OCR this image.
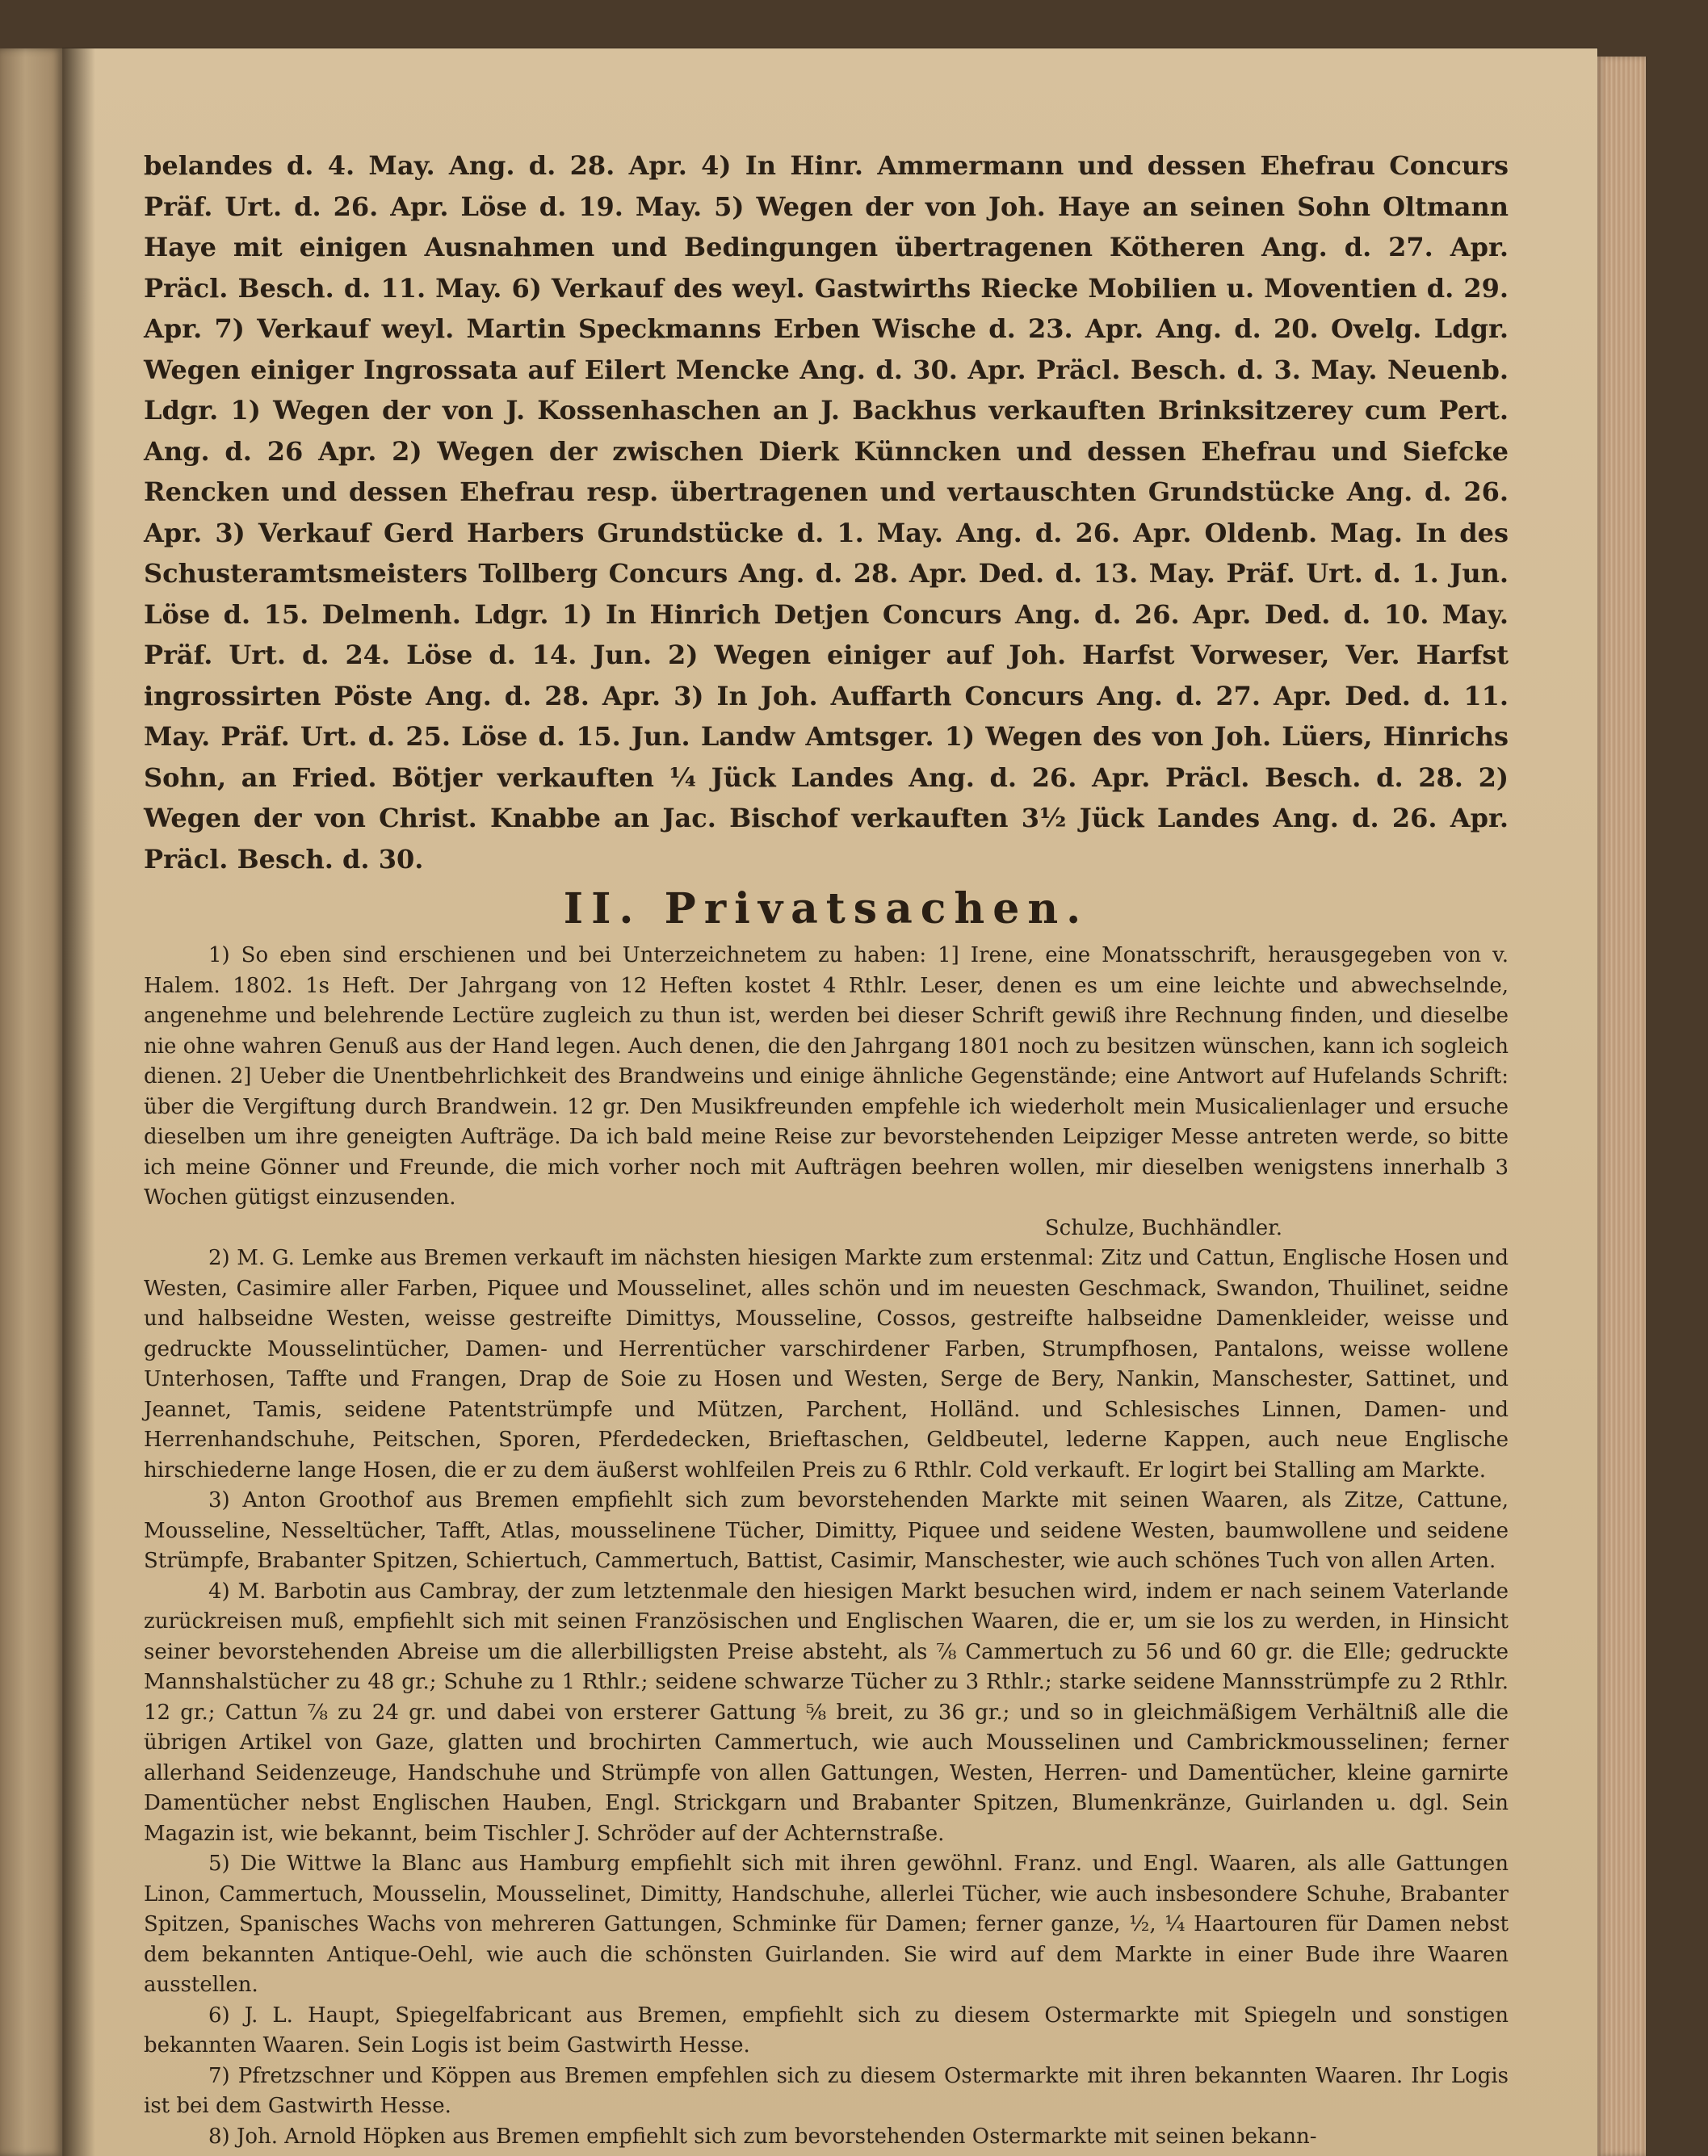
belandes d. 4. May. Ang. d. 28. Apr. 4) In Hinr. Ammermann und dessen Ehefrau Concurs Präf. Urt. d. 26. Apr. Löse d. 19. May. 5) Wegen der von Joh. Haye an seinen Sohn Oltmann Haye mit einigen Ausnahmen und Bedingungen übertragenen Kötheren Ang. d. 27. Apr. Präcl. Besch. d. 11. May. 6) Verkauf des weyl. Gastwirths Riecke Mobilien u. Moventien d. 29. Apr. 7) Verkauf weyl. Martin Speckmanns Erben Wische d. 23. Apr. Ang. d. 20. Ovelg. Ldgr. Wegen einiger Ingrossata auf Eilert Mencke Ang. d. 30. Apr. Präcl. Besch. d. 3. May. Neuenb. Ldgr. 1) Wegen der von J. Kossenhaschen an J. Backhus verkauften Brinksitzerey cum Pert. Ang. d. 26 Apr. 2) Wegen der zwischen Dierk Künncken und dessen Ehefrau und Siefcke Rencken und dessen Ehefrau resp. übertragenen und vertauschten Grundstücke Ang. d. 26. Apr. 3) Verkauf Gerd Harbers Grundstücke d. 1. May. Ang. d. 26. Apr. Oldenb. Mag. In des Schusteramtsmeisters Tollberg Concurs Ang. d. 28. Apr. Ded. d. 13. May. Präf. Urt. d. 1. Jun. Löse d. 15. Delmenh. Ldgr. 1) In Hinrich Detjen Concurs Ang. d. 26. Apr. Ded. d. 10. May. Präf. Urt. d. 24. Löse d. 14. Jun. 2) Wegen einiger auf Joh. Harfst Vorweser, Ver. Harfst ingrossirten Pöste Ang. d. 28. Apr. 3) In Joh. Auffarth Concurs Ang. d. 27. Apr. Ded. d. 11. May. Präf. Urt. d. 25. Löse d. 15. Jun. Landw Amtsger. 1) Wegen des von Joh. Lüers, Hinrichs Sohn, an Fried. Bötjer verkauften ¼ Jück Landes Ang. d. 26. Apr. Präcl. Besch. d. 28. 2) Wegen der von Christ. Knabbe an Jac. Bischof verkauften 3½ Jück Landes Ang. d. 26. Apr. Präcl. Besch. d. 30.

II. Privatsachen.

1) So eben sind erschienen und bei Unterzeichnetem zu haben: 1] Irene, eine Monatsschrift, herausgegeben von v. Halem. 1802. 1s Heft. Der Jahrgang von 12 Heften kostet 4 Rthlr. Leser, denen es um eine leichte und abwechselnde, angenehme und belehrende Lectüre zugleich zu thun ist, werden bei dieser Schrift gewiß ihre Rechnung finden, und dieselbe nie ohne wahren Genuß aus der Hand legen. Auch denen, die den Jahrgang 1801 noch zu besitzen wünschen, kann ich sogleich dienen. 2] Ueber die Unentbehrlichkeit des Brandweins und einige ähnliche Gegenstände; eine Antwort auf Hufelands Schrift: über die Vergiftung durch Brandwein. 12 gr. Den Musikfreunden empfehle ich wiederholt mein Musicalienlager und ersuche dieselben um ihre geneigten Aufträge. Da ich bald meine Reise zur bevorstehenden Leipziger Messe antreten werde, so bitte ich meine Gönner und Freunde, die mich vorher noch mit Aufträgen beehren wollen, mir dieselben wenigstens innerhalb 3 Wochen gütigst einzusenden.
Schulze, Buchhändler.

2) M. G. Lemke aus Bremen verkauft im nächsten hiesigen Markte zum erstenmal: Zitz und Cattun, Englische Hosen und Westen, Casimire aller Farben, Piquee und Mousselinet, alles schön und im neuesten Geschmack, Swandon, Thuilinet, seidne und halbseidne Westen, weisse gestreifte Dimittys, Mousseline, Cossos, gestreifte halbseidne Damenkleider, weisse und gedruckte Mousselintücher, Damen- und Herrentücher varschirdener Farben, Strumpfhosen, Pantalons, weisse wollene Unterhosen, Taffte und Frangen, Drap de Soie zu Hosen und Westen, Serge de Bery, Nankin, Manschester, Sattinet, und Jeannet, Tamis, seidene Patentstrümpfe und Mützen, Parchent, Holländ. und Schlesisches Linnen, Damen- und Herrenhandschuhe, Peitschen, Sporen, Pferdedecken, Brieftaschen, Geldbeutel, lederne Kappen, auch neue Englische hirschiederne lange Hosen, die er zu dem äußerst wohlfeilen Preis zu 6 Rthlr. Cold verkauft. Er logirt bei Stalling am Markte.

3) Anton Groothof aus Bremen empfiehlt sich zum bevorstehenden Markte mit seinen Waaren, als Zitze, Cattune, Mousseline, Nesseltücher, Tafft, Atlas, mousselinene Tücher, Dimitty, Piquee und seidene Westen, baumwollene und seidene Strümpfe, Brabanter Spitzen, Schiertuch, Cammertuch, Battist, Casimir, Manschester, wie auch schönes Tuch von allen Arten.

4) M. Barbotin aus Cambray, der zum letztenmale den hiesigen Markt besuchen wird, indem er nach seinem Vaterlande zurückreisen muß, empfiehlt sich mit seinen Französischen und Englischen Waaren, die er, um sie los zu werden, in Hinsicht seiner bevorstehenden Abreise um die allerbilligsten Preise absteht, als ⅞ Cammertuch zu 56 und 60 gr. die Elle; gedruckte Mannshalstücher zu 48 gr.; Schuhe zu 1 Rthlr.; seidene schwarze Tücher zu 3 Rthlr.; starke seidene Mannsstrümpfe zu 2 Rthlr. 12 gr.; Cattun ⅞ zu 24 gr. und dabei von ersterer Gattung ⅝ breit, zu 36 gr.; und so in gleichmäßigem Verhältniß alle die übrigen Artikel von Gaze, glatten und brochirten Cammertuch, wie auch Mousselinen und Cambrickmousselinen; ferner allerhand Seidenzeuge, Handschuhe und Strümpfe von allen Gattungen, Westen, Herren- und Damentücher, kleine garnirte Damentücher nebst Englischen Hauben, Engl. Strickgarn und Brabanter Spitzen, Blumenkränze, Guirlanden u. dgl. Sein Magazin ist, wie bekannt, beim Tischler J. Schröder auf der Achternstraße.

5) Die Wittwe la Blanc aus Hamburg empfiehlt sich mit ihren gewöhnl. Franz. und Engl. Waaren, als alle Gattungen Linon, Cammertuch, Mousselin, Mousselinet, Dimitty, Handschuhe, allerlei Tücher, wie auch insbesondere Schuhe, Brabanter Spitzen, Spanisches Wachs von mehreren Gattungen, Schminke für Damen; ferner ganze, ½, ¼ Haartouren für Damen nebst dem bekannten Antique-Oehl, wie auch die schönsten Guirlanden. Sie wird auf dem Markte in einer Bude ihre Waaren ausstellen.

6) J. L. Haupt, Spiegelfabricant aus Bremen, empfiehlt sich zu diesem Ostermarkte mit Spiegeln und sonstigen bekannten Waaren. Sein Logis ist beim Gastwirth Hesse.

7) Pfretzschner und Köppen aus Bremen empfehlen sich zu diesem Ostermarkte mit ihren bekannten Waaren. Ihr Logis ist bei dem Gastwirth Hesse.

8) Joh. Arnold Höpken aus Bremen empfiehlt sich zum bevorstehenden Ostermarkte mit seinen bekann-
